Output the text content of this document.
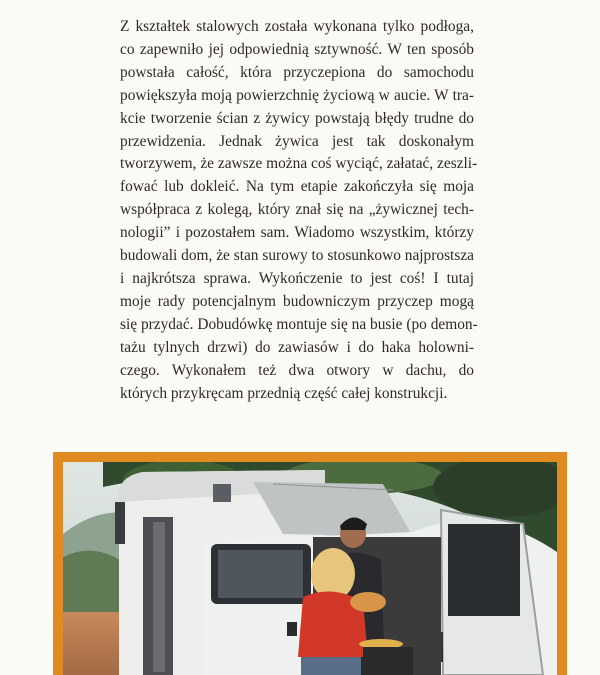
Z kształtek stalowych została wykonana tylko podłoga,
co zapewniło jej odpowiednią sztywność. W ten sposób
powstała całość, która przyczepiona do samochodu
powiększyła moją powierzchnię życiową w aucie. W tra-
kcie tworzenie ścian z żywicy powstają błędy trudne do
przewidzenia. Jednak żywica jest tak doskonałym
tworzywem, że zawsze można coś wyciąć, załatać, zeszli-
fować lub dokleić. Na tym etapie zakończyła się moja
współpraca z kolegą, który znał się na „żywicznej tech-
nologii” i pozostałem sam. Wiadomo wszystkim, którzy
budowali dom, że stan surowy to stosunkowo najprostsza
i najkrótsza sprawa. Wykończenie to jest coś! I tutaj
moje rady potencjalnym budowniczym przyczep mogą
się przydać. Dobudówkę montuje się na busie (po demon-
tażu tylnych drzwi) do zawiasów i do haka holowni-
czego. Wykonałem też dwa otwory w dachu, do
których przykręcam przednią część całej konstrukcji.
